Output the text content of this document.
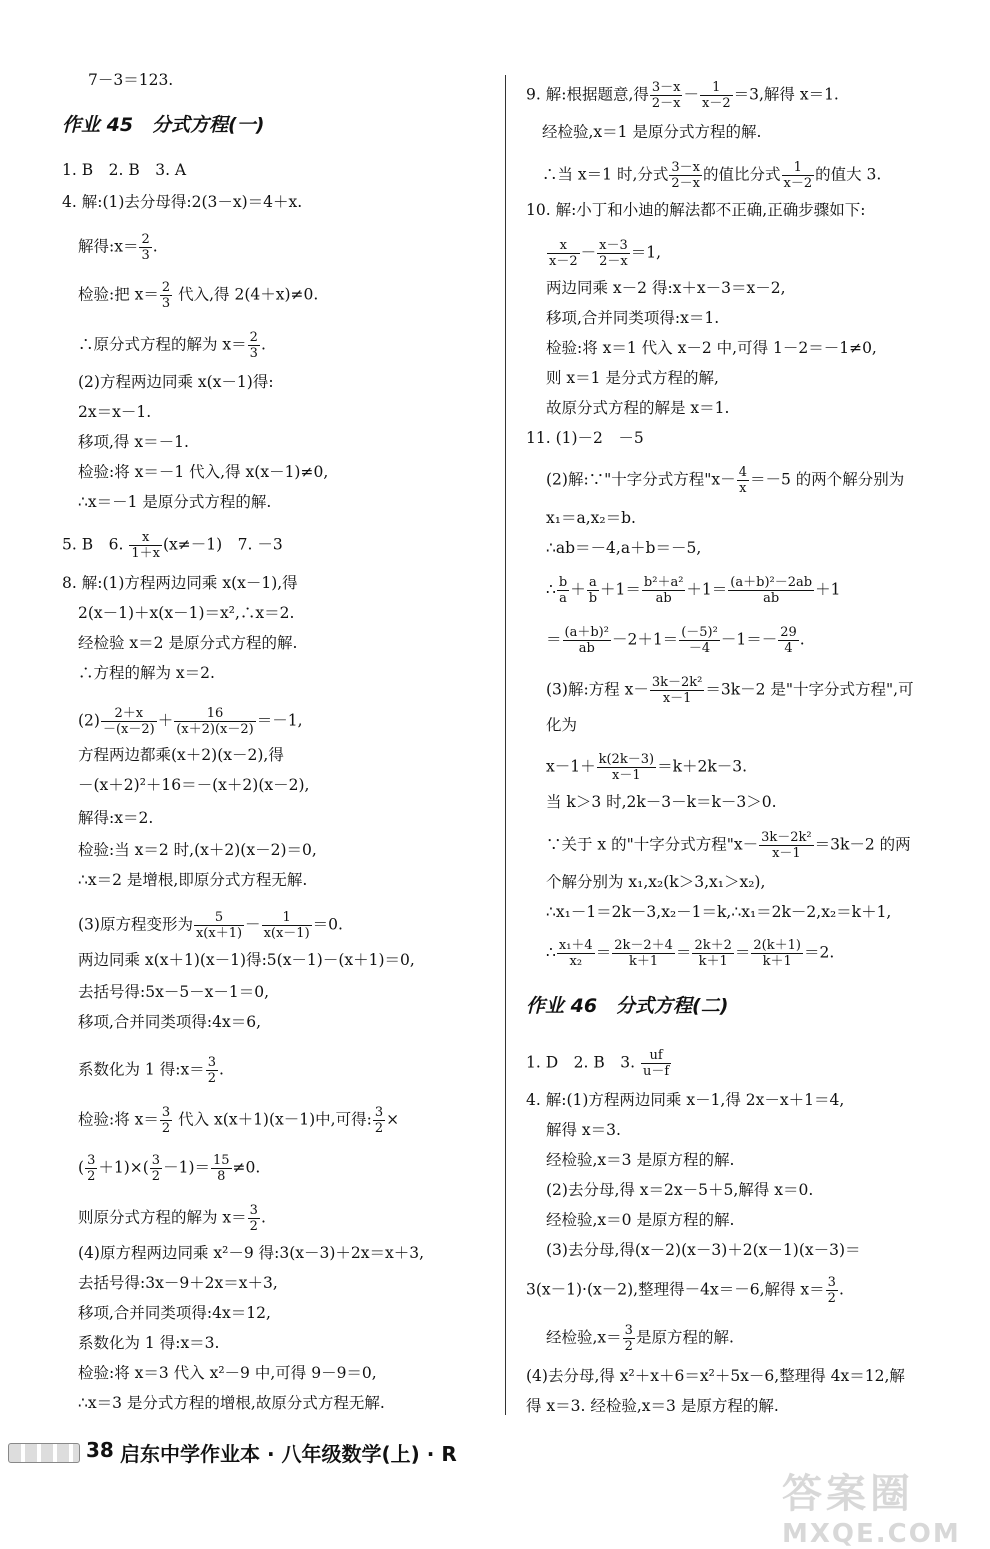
7－3＝123.
作业 45　分式方程(一)
1. B　2. B　3. A
4. 解:(1)去分母得:2(3－x)＝4＋x.
解得:x＝ $\frac{2}{3}$ .
检验:把 $x= \frac{2}{3}$ 代入,得 2(4＋x)≠0.
∴原分式方程的解为 $x= \frac{2}{3}$ .
(2)方程两边同乘 x(x－1)得:
2x＝x－1.
移项,得 x＝－1.
检验:将 x＝－1 代入,得 x(x－1)≠0,
∴x＝－1 是原分式方程的解.
5. B　6. $\frac{x}{1+x} (x\ne-1)$　7. －3
8. 解:(1)方程两边同乘 x(x－1),得
2(x－1)＋x(x－1)＝x²,∴x＝2.
经检验 x＝2 是原分式方程的解.
∴方程的解为 x＝2.
$(2) \frac{2+x}{-(x-2)} + \frac{16}{(x+2)(x-2)} =-1$,
方程两边都乘(x＋2)(x－2),得
－(x＋2)²＋16＝－(x＋2)(x－2),
解得:x＝2.
检验:当 x＝2 时,(x＋2)(x－2)＝0,
∴x＝2 是增根,即原分式方程无解.
(3)原方程变形为 $\frac{5}{x(x+1)} - \frac{1}{x(x-1)} =0$.
两边同乘 x(x＋1)(x－1)得:5(x－1)－(x＋1)＝0,
去括号得:5x－5－x－1＝0,
移项,合并同类项得:4x＝6,
系数化为 1 得:x＝ $\frac{3}{2}$ .
检验:将 $x= \frac{3}{2}$ 代入 x(x＋1)(x－1)中,可得: $\frac{3}{2}$ ×
( $\frac{3}{2} +1)\times( \frac{3}{2} -1)= \frac{15}{8} \ne 0$.
则原分式方程的解为 $x= \frac{3}{2}$ .
(4)原方程两边同乘 x²－9 得:3(x－3)＋2x＝x＋3,
去括号得:3x－9＋2x＝x＋3,
移项,合并同类项得:4x＝12,
系数化为 1 得:x＝3.
检验:将 x＝3 代入 x²－9 中,可得 9－9＝0,
∴x＝3 是分式方程的增根,故原分式方程无解.
9. 解:根据题意,得 $\frac{3-x}{2-x} - \frac{1}{x-2} =3$,解得 x＝1.
经检验,x＝1 是原分式方程的解.
∴当 x＝1 时,分式 $\frac{3-x}{2-x}$ 的值比分式 $\frac{1}{x-2}$ 的值大 3.
10. 解:小丁和小迪的解法都不正确,正确步骤如下:
$\frac{x}{x-2} - \frac{x-3}{2-x} =1$,
两边同乘 x－2 得:x＋x－3＝x－2,
移项,合并同类项得:x＝1.
检验:将 x＝1 代入 x－2 中,可得 1－2＝－1≠0,
则 x＝1 是分式方程的解,
故原分式方程的解是 x＝1.
11. (1)－2　－5
(2)解:∵"十字分式方程"$x- \frac{4}{x} =-5$ 的两个解分别为
x₁＝a,x₂＝b.
∴ab＝－4,a＋b＝－5,
∴ $\frac{b}{a} + \frac{a}{b} +1= \frac{\text{b²＋a²}}{ab} +1= \frac{\text{(a＋b)²－2ab}}{ab} +1$
＝ $\frac{\text{(a＋b)²}}{ab} -2+1= \frac{\text{(－5)²}}{-4} -1=- \frac{29}{4}$ .
(3)解:方程 $x- \frac{\text{3k－2k²}}{x-1} =3k-2$ 是"十字分式方程",可
化为
$x-1+ \frac{k(2k-3)}{x-1} =k+2k-3$.
当 k＞3 时,2k－3－k＝k－3＞0.
∵关于 x 的"十字分式方程"$x- \frac{\text{3k－2k²}}{x-1} =3k-2$ 的两
个解分别为 x₁,x₂(k＞3,x₁＞x₂),
∴x₁－1＝2k－3,x₂－1＝k,∴x₁＝2k－2,x₂＝k＋1,
∴ $\frac{\text{x₁＋4}}{\text{x₂}} = \frac{2k-2+4}{k+1} = \frac{2k+2}{k+1} = \frac{2(k+1)}{k+1} =2$.
作业 46　分式方程(二)
1. D　2. B　3. $\frac{uf}{u-f}$
4. 解:(1)方程两边同乘 x－1,得 2x－x＋1＝4,
解得 x＝3.
经检验,x＝3 是原方程的解.
(2)去分母,得 x＝2x－5＋5,解得 x＝0.
经检验,x＝0 是原方程的解.
(3)去分母,得(x－2)(x－3)＋2(x－1)(x－3)＝
3(x－1)·(x－2),整理得－4x＝－6,解得 $x= \frac{3}{2}$ .
经检验$,x= \frac{3}{2}$ 是原方程的解.
(4)去分母,得 x²＋x＋6＝x²＋5x－6,整理得 4x＝12,解
得 x＝3. 经检验,x＝3 是原方程的解.
38 启东中学作业本 · 八年级数学(上) · R
答案圈
MXQE.COM
